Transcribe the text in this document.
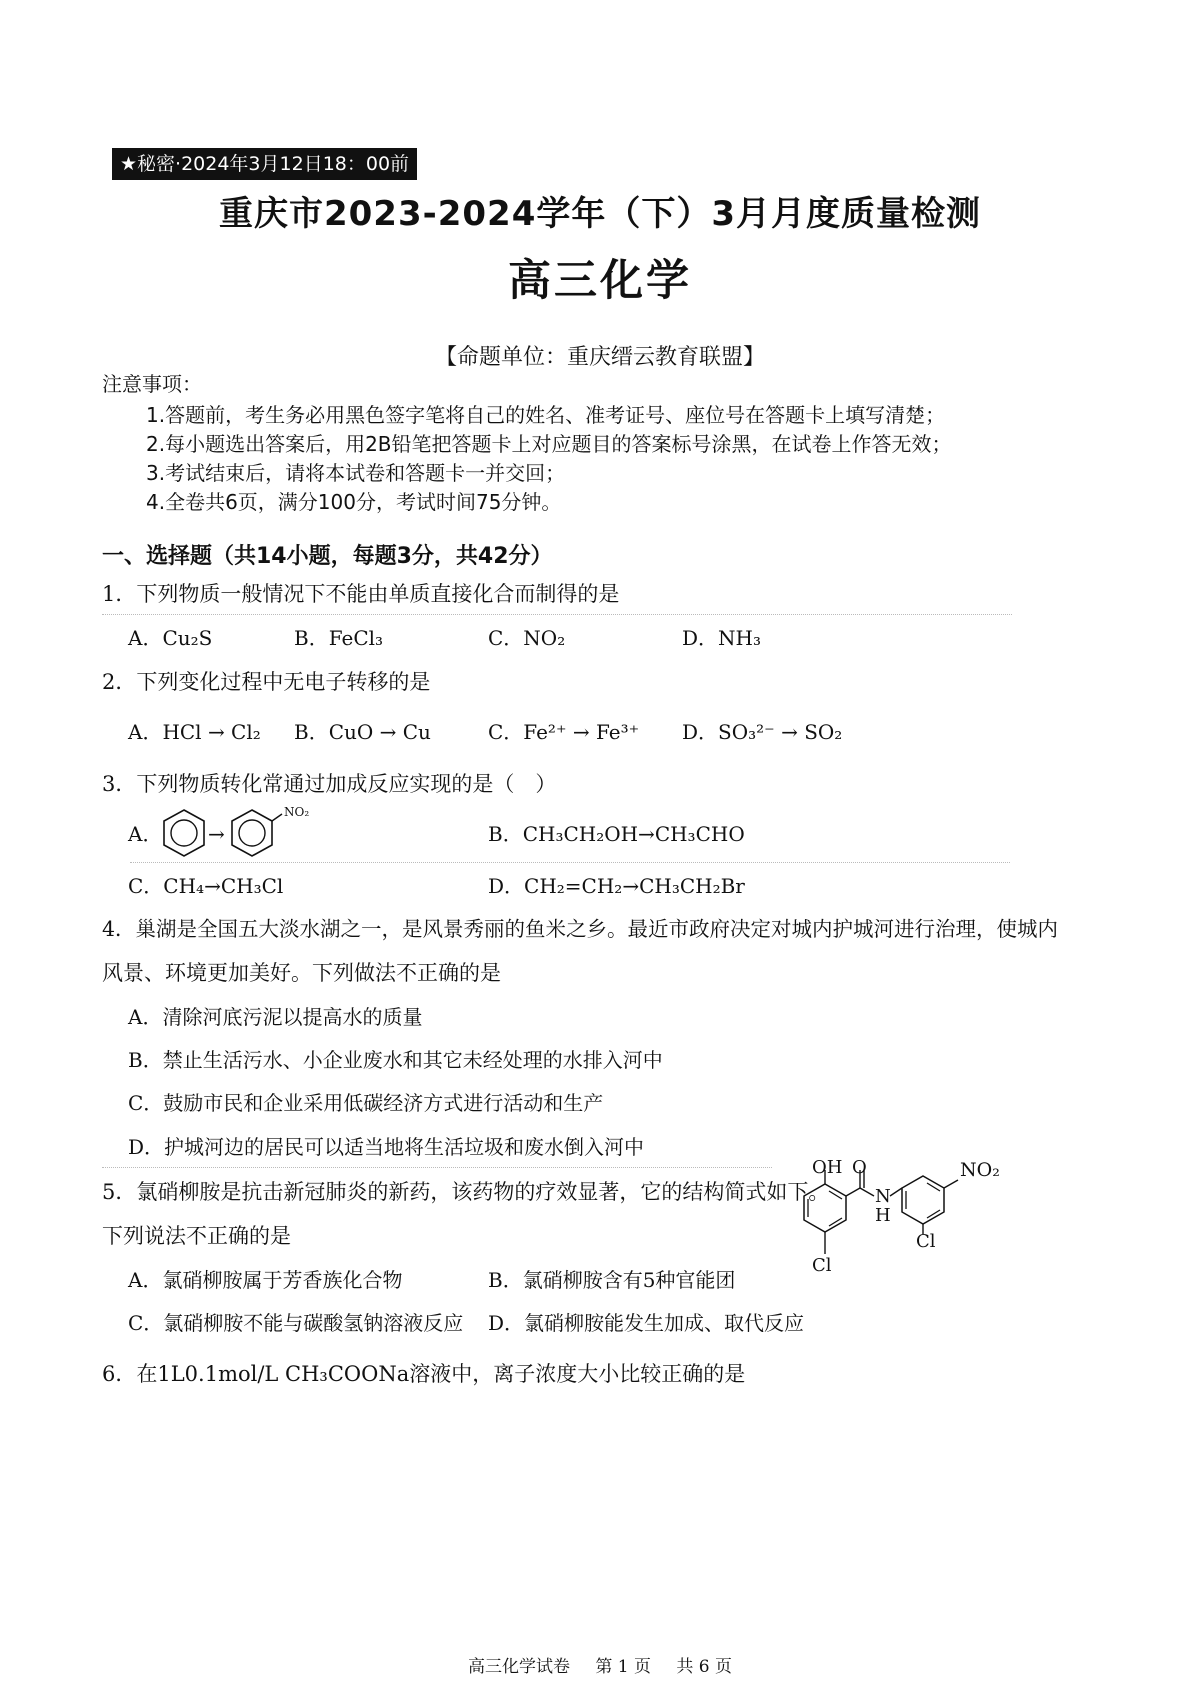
★秘密·2024年3月12日18：00前
重庆市2023-2024学年（下）3月月度质量检测
高三化学
【命题单位：重庆缙云教育联盟】
注意事项：
1.答题前，考生务必用黑色签字笔将自己的姓名、准考证号、座位号在答题卡上填写清楚；
2.每小题选出答案后，用2B铅笔把答题卡上对应题目的答案标号涂黑，在试卷上作答无效；
3.考试结束后，请将本试卷和答题卡一并交回；
4.全卷共6页，满分100分，考试时间75分钟。
一、选择题（共14小题，每题3分，共42分）
1．下列物质一般情况下不能由单质直接化合而制得的是
A．Cu₂S	B．FeCl₃	C．NO₂	D．NH₃
2．下列变化过程中无电子转移的是
A．HCl → Cl₂ B．CuO → Cu	C．Fe²⁺ → Fe³⁺ D．SO₃²⁻ → SO₂
3．下列物质转化常通过加成反应实现的是（　）
A． →
NO₂
B．CH₃CH₂OH→CH₃CHO
C．CH₄→CH₃Cl	D．CH₂=CH₂→CH₃CH₂Br
4．巢湖是全国五大淡水湖之一，是风景秀丽的鱼米之乡。最近市政府决定对城内护城河进行治理，使城内
风景、环境更加美好。下列做法不正确的是
A．清除河底污泥以提高水的质量
B．禁止生活污水、小企业废水和其它未经处理的水排入河中
C．鼓励市民和企业采用低碳经济方式进行活动和生产
D．护城河边的居民可以适当地将生活垃圾和废水倒入河中
5．氯硝柳胺是抗击新冠肺炎的新药，该药物的疗效显著，它的结构简式如下。
下列说法不正确的是
A．氯硝柳胺属于芳香族化合物	B．氯硝柳胺含有5种官能团
C．氯硝柳胺不能与碳酸氢钠溶液反应 D．氯硝柳胺能发生加成、取代反应
OH O
N
H
NO₂
Cl
Cl
6．在1L0.1mol/L CH₃COONa溶液中，离子浓度大小比较正确的是
高三化学试卷 第 1 页 共 6 页
